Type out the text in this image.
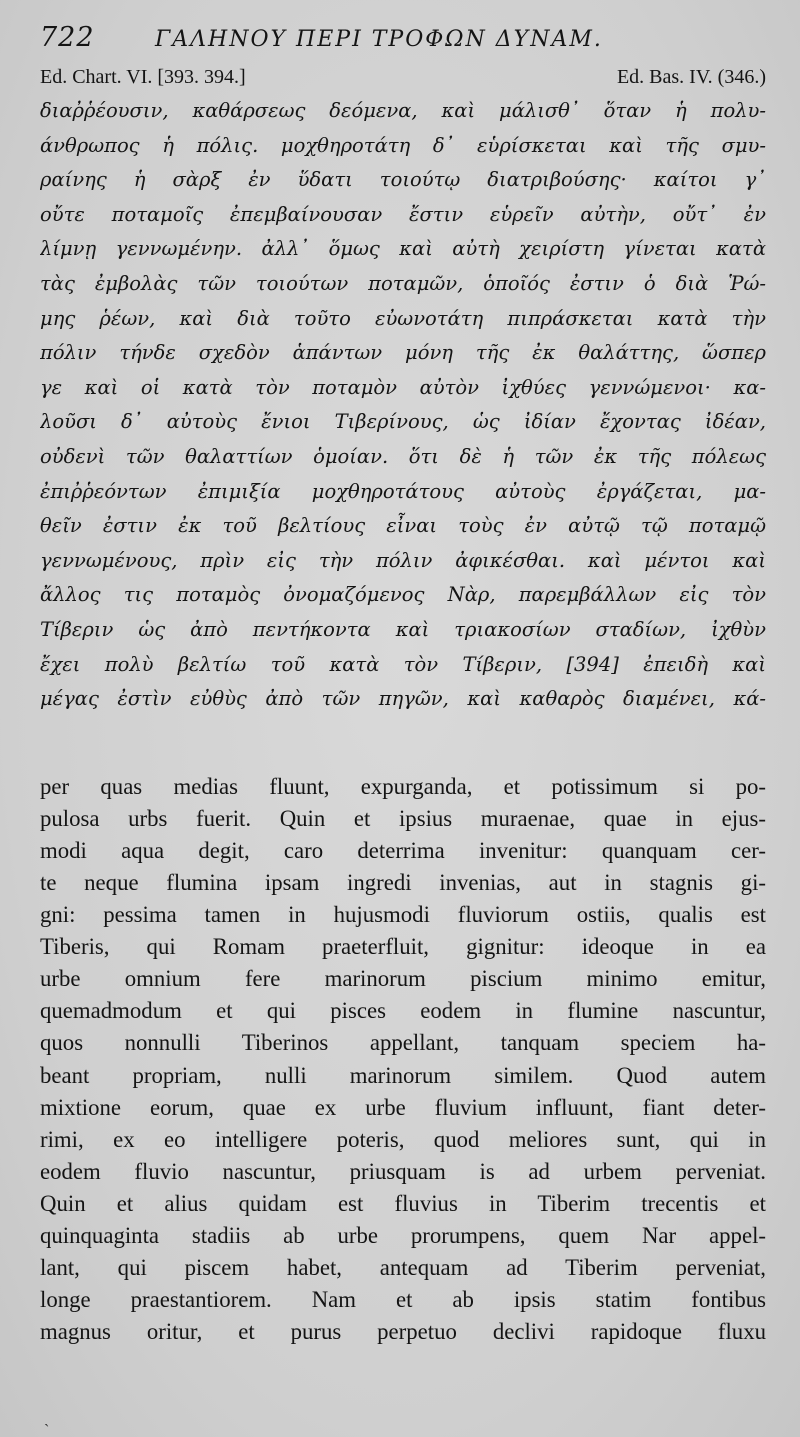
722	ΓΑΛΗΝΟΥ ΠΕΡΙ ΤΡΟΦΩΝ ΔΥΝΑΜ.
Ed. Chart. VI. [393. 394.]	Ed. Bas. IV. (346.)
διαῤῥέουσιν, καθάρσεως δεόμενα, καὶ μάλισθ᾽ ὅταν ἡ πολυ-
άνθρωπος ἡ πόλις. μοχθηροτάτη δ᾽ εὑρίσκεται καὶ τῆς σμυ-
ραίνης ἡ σὰρξ ἐν ὕδατι τοιούτῳ διατριβούσης· καίτοι γ᾽
οὔτε ποταμοῖς ἐπεμβαίνουσαν ἔστιν εὑρεῖν αὐτὴν, οὔτ᾽ ἐν
λίμνῃ γεννωμένην. ἀλλ᾽ ὅμως καὶ αὐτὴ χειρίστη γίνεται κατὰ
τὰς ἐμβολὰς τῶν τοιούτων ποταμῶν, ὁποῖός ἐστιν ὁ διὰ Ῥώ-
μης ῥέων, καὶ διὰ τοῦτο εὐωνοτάτη πιπράσκεται κατὰ τὴν
πόλιν τήνδε σχεδὸν ἁπάντων μόνη τῆς ἐκ θαλάττης, ὥσπερ
γε καὶ οἱ κατὰ τὸν ποταμὸν αὐτὸν ἰχθύες γεννώμενοι· κα-
λοῦσι δ᾽ αὐτοὺς ἔνιοι Τιβερίνους, ὡς ἰδίαν ἔχοντας ἰδέαν,
οὐδενὶ τῶν θαλαττίων ὁμοίαν. ὅτι δὲ ἡ τῶν ἐκ τῆς πόλεως
ἐπιῤῥεόντων ἐπιμιξία μοχθηροτάτους αὐτοὺς ἐργάζεται, μα-
θεῖν ἐστιν ἐκ τοῦ βελτίους εἶναι τοὺς ἐν αὐτῷ τῷ ποταμῷ
γεννωμένους, πρὶν εἰς τὴν πόλιν ἀφικέσθαι. καὶ μέντοι καὶ
ἄλλος τις ποταμὸς ὀνομαζόμενος Νὰρ, παρεμβάλλων εἰς τὸν
Τίβεριν ὡς ἀπὸ πεντήκοντα καὶ τριακοσίων σταδίων, ἰχθὺν
ἔχει πολὺ βελτίω τοῦ κατὰ τὸν Τίβεριν, [394] ἐπειδὴ καὶ
μέγας ἐστὶν εὐθὺς ἀπὸ τῶν πηγῶν, καὶ καθαρὸς διαμένει, κά-
per quas medias fluunt, expurganda, et potissimum si po-
pulosa urbs fuerit. Quin et ipsius muraenae, quae in ejus-
modi aqua degit, caro deterrima invenitur: quanquam cer-
te neque flumina ipsam ingredi invenias, aut in stagnis gi-
gni: pessima tamen in hujusmodi fluviorum ostiis, qualis est
Tiberis, qui Romam praeterfluit, gignitur: ideoque in ea
urbe omnium fere marinorum piscium minimo emitur,
quemadmodum et qui pisces eodem in flumine nascuntur,
quos nonnulli Tiberinos appellant, tanquam speciem ha-
beant propriam, nulli marinorum similem. Quod autem
mixtione eorum, quae ex urbe fluvium influunt, fiant deter-
rimi, ex eo intelligere poteris, quod meliores sunt, qui in
eodem fluvio nascuntur, priusquam is ad urbem perveniat.
Quin et alius quidam est fluvius in Tiberim trecentis et
quinquaginta stadiis ab urbe prorumpens, quem Nar appel-
lant, qui piscem habet, antequam ad Tiberim perveniat,
longe praestantiorem. Nam et ab ipsis statim fontibus
magnus oritur, et purus perpetuo declivi rapidoque fluxu
ˎ
